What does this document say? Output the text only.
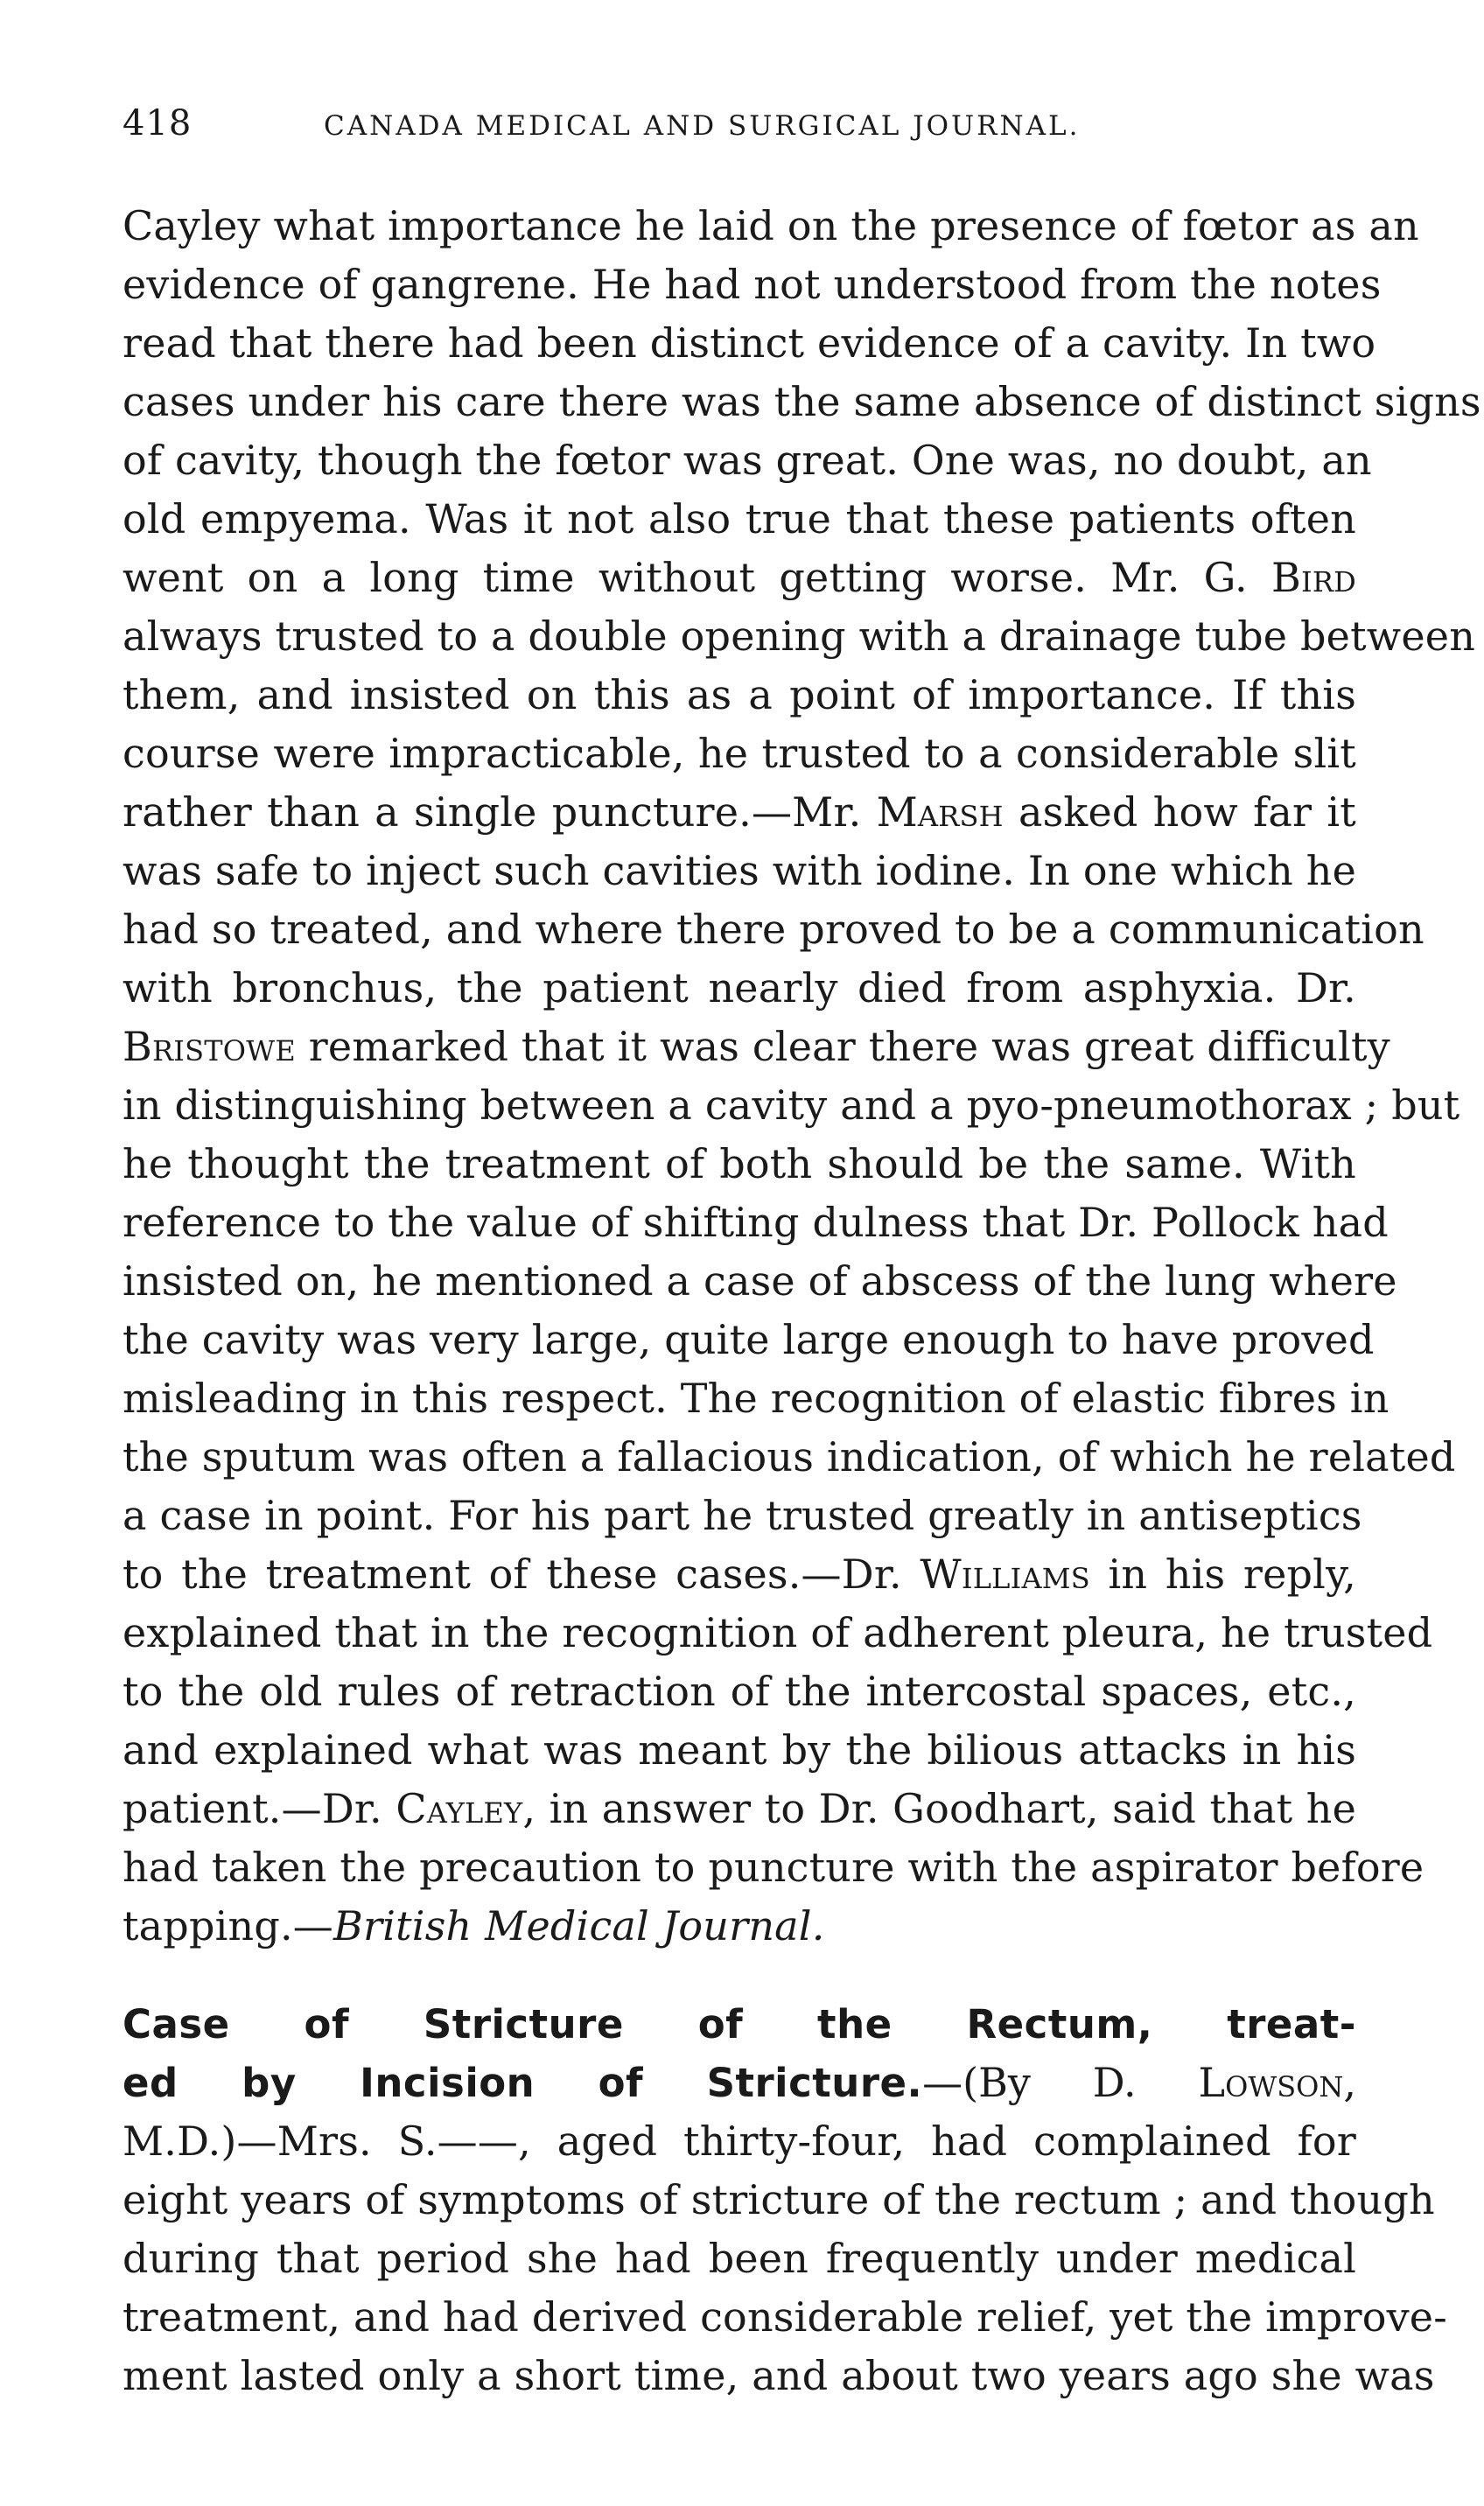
418	CANADA MEDICAL AND SURGICAL JOURNAL.
Cayley what importance he laid on the presence of fœtor as an
evidence of gangrene. He had not understood from the notes
read that there had been distinct evidence of a cavity. In two
cases under his care there was the same absence of distinct signs
of cavity, though the fœtor was great. One was, no doubt, an
old empyema. Was it not also true that these patients often
went on a long time without getting worse. Mr. G. Bird
always trusted to a double opening with a drainage tube between
them, and insisted on this as a point of importance. If this
course were impracticable, he trusted to a considerable slit
rather than a single puncture.—Mr. Marsh asked how far it
was safe to inject such cavities with iodine. In one which he
had so treated, and where there proved to be a communication
with bronchus, the patient nearly died from asphyxia. Dr.
Bristowe remarked that it was clear there was great difficulty
in distinguishing between a cavity and a pyo-pneumothorax ; but
he thought the treatment of both should be the same. With
reference to the value of shifting dulness that Dr. Pollock had
insisted on, he mentioned a case of abscess of the lung where
the cavity was very large, quite large enough to have proved
misleading in this respect. The recognition of elastic fibres in
the sputum was often a fallacious indication, of which he related
a case in point. For his part he trusted greatly in antiseptics
to the treatment of these cases.—Dr. Williams in his reply,
explained that in the recognition of adherent pleura, he trusted
to the old rules of retraction of the intercostal spaces, etc.,
and explained what was meant by the bilious attacks in his
patient.—Dr. Cayley, in answer to Dr. Goodhart, said that he
had taken the precaution to puncture with the aspirator before
tapping.—British Medical Journal.
Case of Stricture of the Rectum, treat-
ed by Incision of Stricture.—(By D. Lowson,
M.D.)—Mrs. S.——, aged thirty-four, had complained for
eight years of symptoms of stricture of the rectum ; and though
during that period she had been frequently under medical
treatment, and had derived considerable relief, yet the improve-
ment lasted only a short time, and about two years ago she was
